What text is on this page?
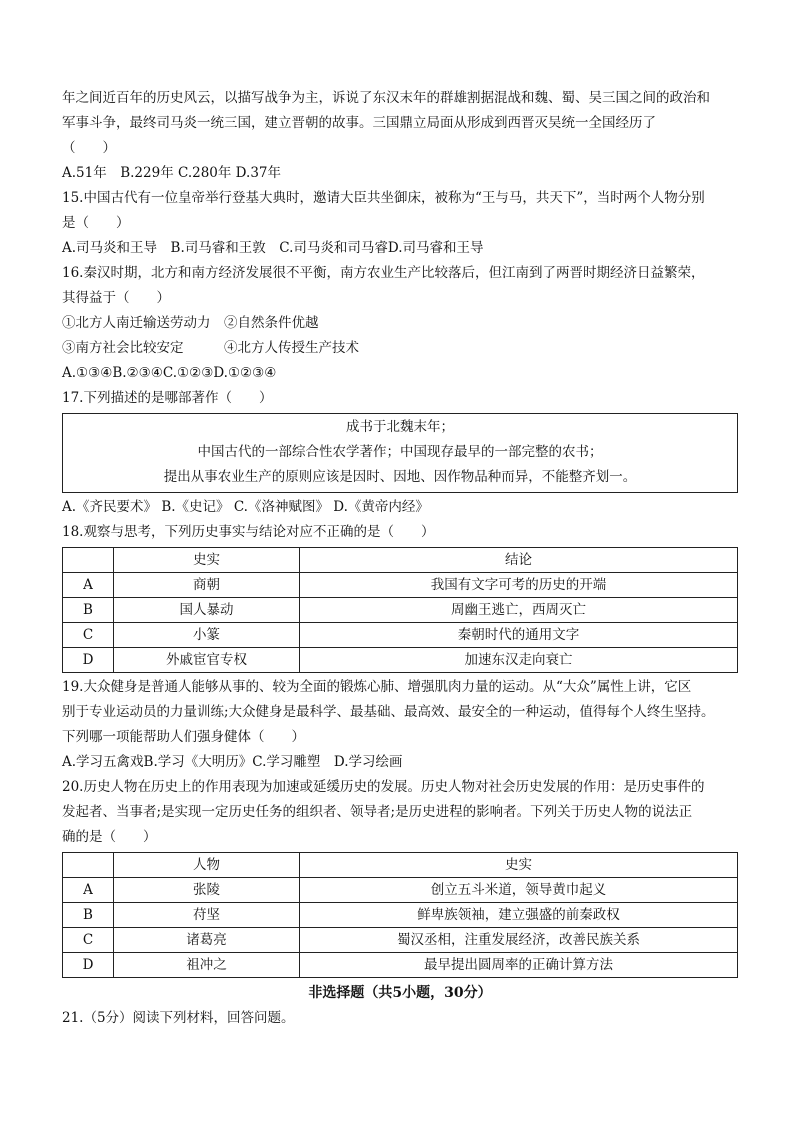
年之间近百年的历史风云，以描写战争为主，诉说了东汉末年的群雄割据混战和魏、蜀、吴三国之间的政治和

军事斗争，最终司马炎一统三国，建立晋朝的故事。三国鼎立局面从形成到西晋灭吴统一全国经历了

（　　）

A.51年　B.229年 C.280年 D.37年

15.中国古代有一位皇帝举行登基大典时，邀请大臣共坐御床，被称为“王与马，共天下”，当时两个人物分别

是（　　）

A.司马炎和王导　B.司马睿和王敦　C.司马炎和司马睿D.司马睿和王导

16.秦汉时期，北方和南方经济发展很不平衡，南方农业生产比较落后，但江南到了两晋时期经济日益繁荣，

其得益于（　　）

①北方人南迁输送劳动力　②自然条件优越

③南方社会比较安定　　　④北方人传授生产技术

A.①③④B.②③④C.①②③D.①②③④

17.下列描述的是哪部著作（　　）

成书于北魏末年；

中国古代的一部综合性农学著作；中国现存最早的一部完整的农书；

提出从事农业生产的原则应该是因时、因地、因作物品种而异，不能整齐划一。

A.《齐民要术》 B.《史记》 C.《洛神赋图》 D.《黄帝内经》

18.观察与思考，下列历史事实与结论对应不正确的是（　　）

	史实	结论
A	商朝	我国有文字可考的历史的开端
B	国人暴动	周幽王逃亡，西周灭亡
C	小篆	秦朝时代的通用文字
D	外戚宦官专权	加速东汉走向衰亡

19.大众健身是普通人能够从事的、较为全面的锻炼心肺、增强肌肉力量的运动。从“大众”属性上讲，它区

别于专业运动员的力量训练;大众健身是最科学、最基础、最高效、最安全的一种运动，值得每个人终生坚持。

下列哪一项能帮助人们强身健体（　　）

A.学习五禽戏B.学习《大明历》C.学习雕塑　D.学习绘画

20.历史人物在历史上的作用表现为加速或延缓历史的发展。历史人物对社会历史发展的作用：是历史事件的

发起者、当事者;是实现一定历史任务的组织者、领导者;是历史进程的影响者。下列关于历史人物的说法正

确的是（　　）

	人物	史实
A	张陵	创立五斗米道，领导黄巾起义
B	苻坚	鲜卑族领袖，建立强盛的前秦政权
C	诸葛亮	蜀汉丞相，注重发展经济，改善民族关系
D	祖冲之	最早提出圆周率的正确计算方法

非选择题（共5小题，30分）

21.（5分）阅读下列材料，回答问题。
